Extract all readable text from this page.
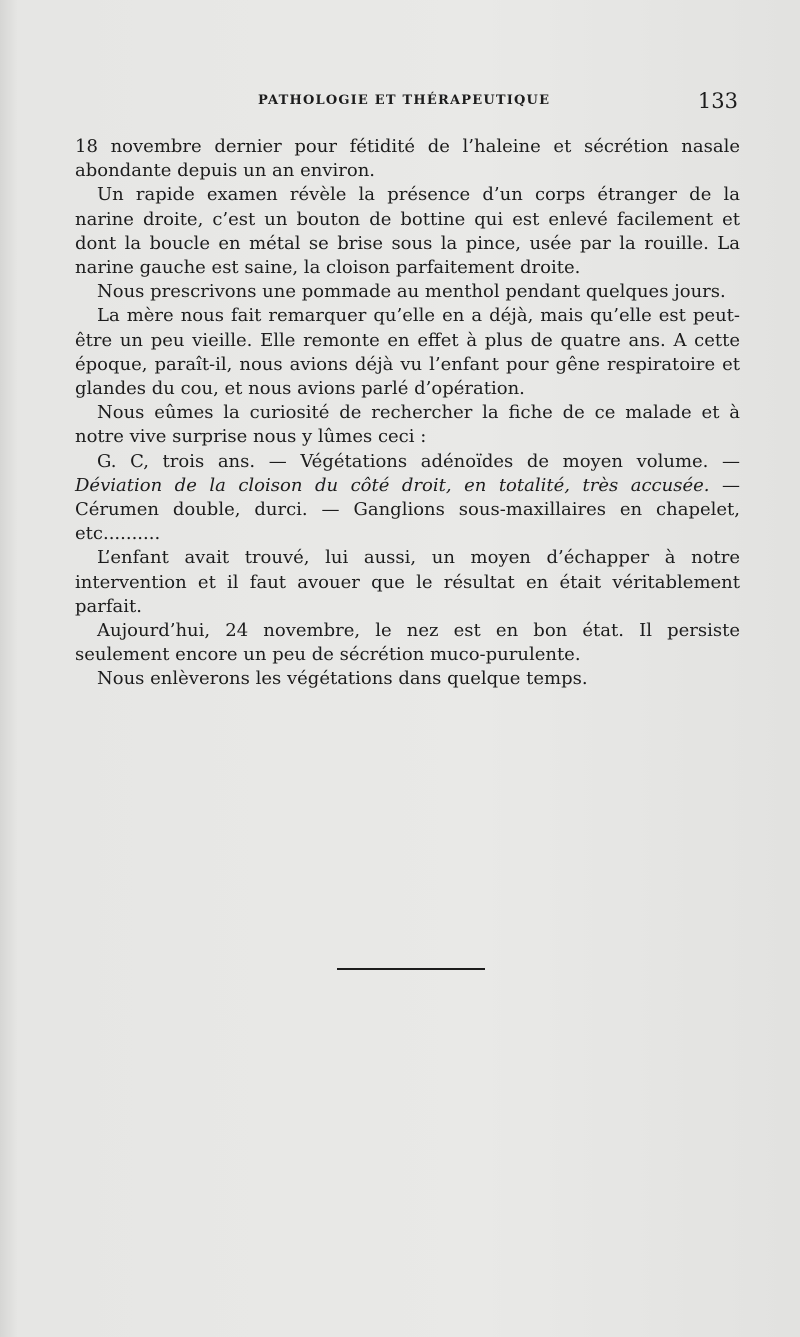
PATHOLOGIE ET THÉRAPEUTIQUE	133

18 novembre dernier pour fétidité de l’haleine et sécrétion nasale abondante depuis un an environ.

Un rapide examen révèle la présence d’un corps étranger de la narine droite, c’est un bouton de bottine qui est enlevé facilement et dont la boucle en métal se brise sous la pince, usée par la rouille. La narine gauche est saine, la cloison parfaitement droite.

Nous prescrivons une pommade au menthol pendant quelques jours.

La mère nous fait remarquer qu’elle en a déjà, mais qu’elle est peut-être un peu vieille. Elle remonte en effet à plus de quatre ans. A cette époque, paraît-il, nous avions déjà vu l’enfant pour gêne respiratoire et glandes du cou, et nous avions parlé d’opération.

Nous eûmes la curiosité de rechercher la fiche de ce malade et à notre vive surprise nous y lûmes ceci :

G. C, trois ans. — Végétations adénoïdes de moyen volume. — Déviation de la cloison du côté droit, en totalité, très accusée. — Cérumen double, durci. — Ganglions sous-maxillaires en chapelet, etc..........

L’enfant avait trouvé, lui aussi, un moyen d’échapper à notre intervention et il faut avouer que le résultat en était véritablement parfait.

Aujourd’hui, 24 novembre, le nez est en bon état. Il persiste seulement encore un peu de sécrétion muco-purulente.

Nous enlèverons les végétations dans quelque temps.
